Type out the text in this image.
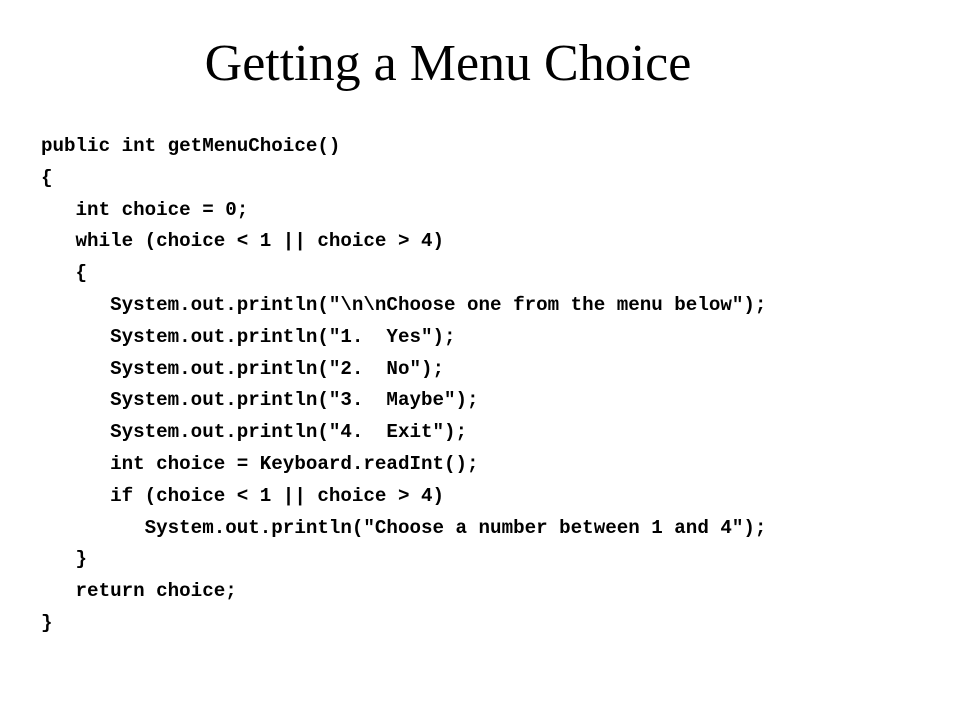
Getting a Menu Choice
public int getMenuChoice()
{
int choice = 0;
while (choice < 1 || choice > 4)
{
System.out.println("\n\nChoose one from the menu below");
System.out.println("1.  Yes");
System.out.println("2.  No");
System.out.println("3.  Maybe");
System.out.println("4.  Exit");
int choice = Keyboard.readInt();
if (choice < 1 || choice > 4)
System.out.println("Choose a number between 1 and 4");
}
return choice;
}
